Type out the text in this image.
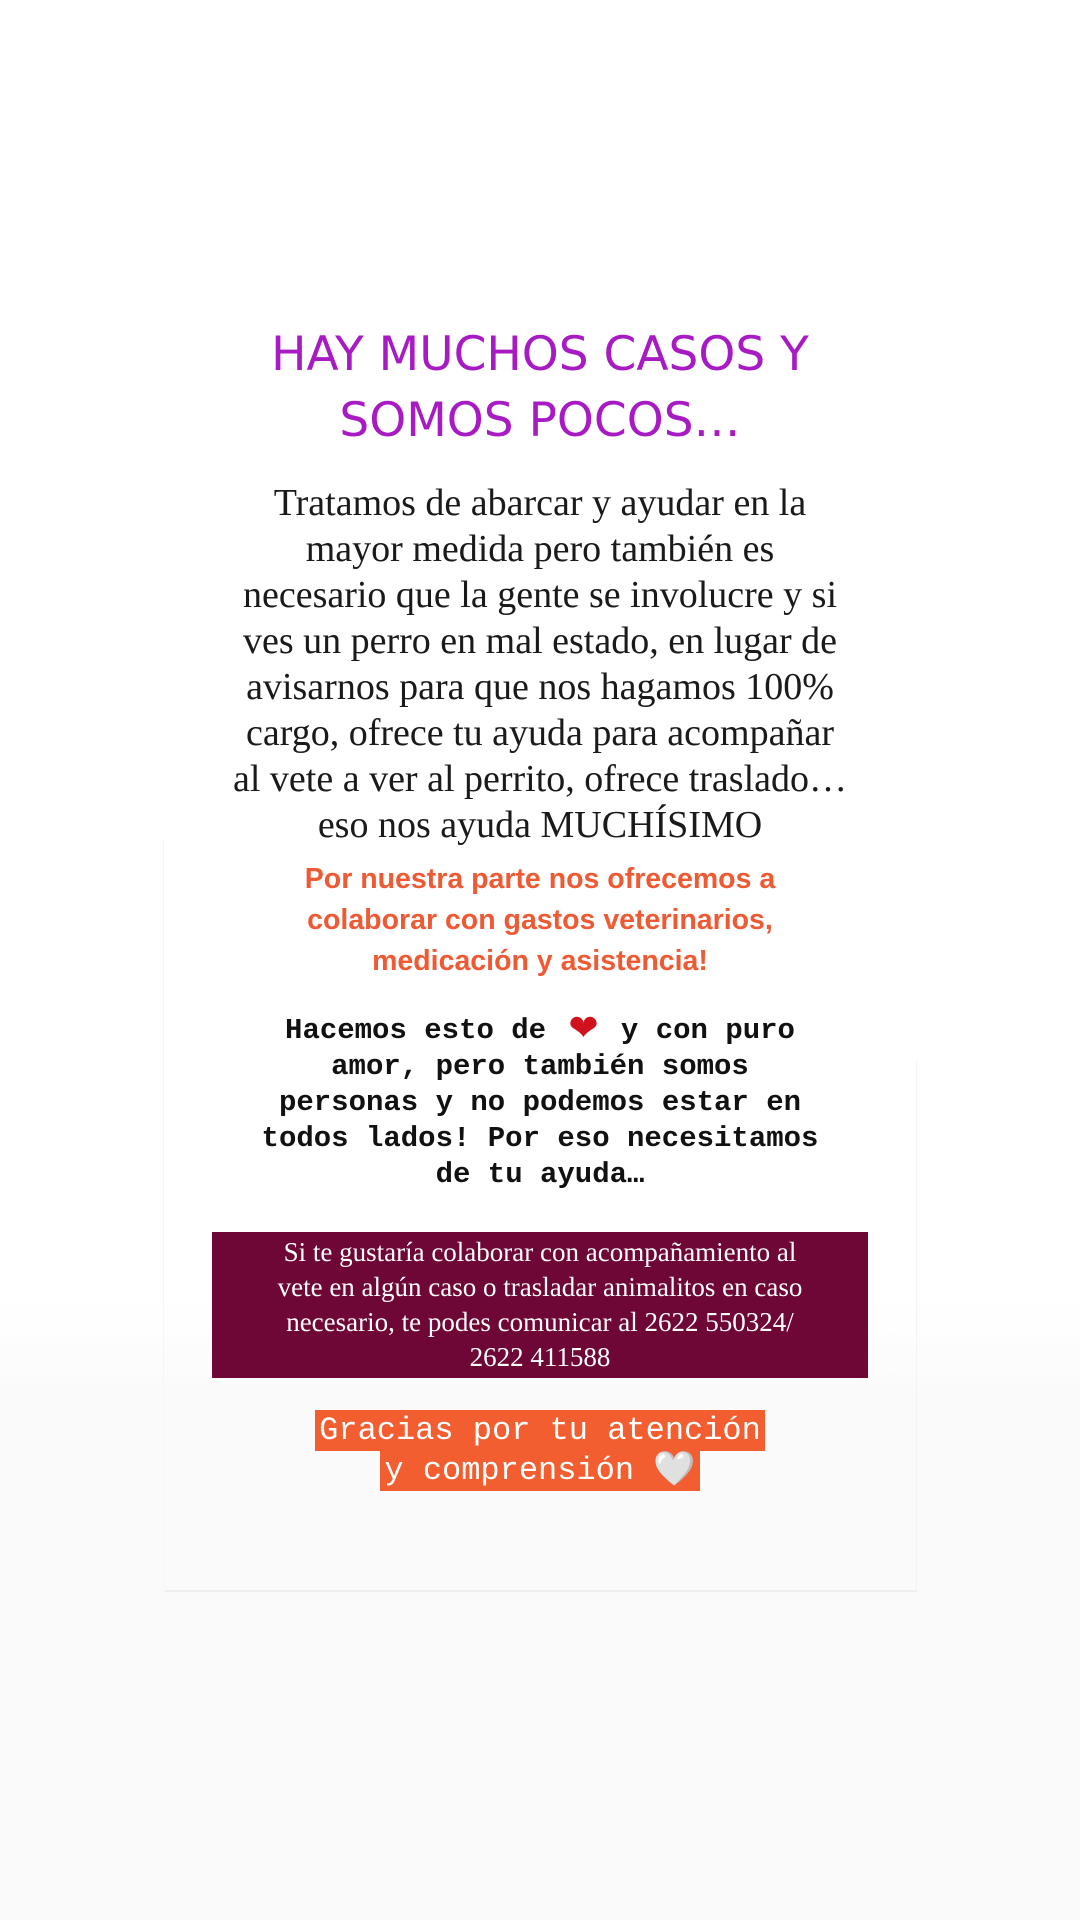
HAY MUCHOS CASOS Y
SOMOS POCOS…
Tratamos de abarcar y ayudar en la
mayor medida pero también es
necesario que la gente se involucre y si
ves un perro en mal estado, en lugar de
avisarnos para que nos hagamos 100%
cargo, ofrece tu ayuda para acompañar
al vete a ver al perrito, ofrece traslado…
eso nos ayuda MUCHÍSIMO
Por nuestra parte nos ofrecemos a
colaborar con gastos veterinarios,
medicación y asistencia!
Hacemos esto de ❤ y con puro
amor, pero también somos
personas y no podemos estar en
todos lados! Por eso necesitamos
de tu ayuda…
Si te gustaría colaborar con acompañamiento al
vete en algún caso o trasladar animalitos en caso
necesario, te podes comunicar al 2622 550324/
2622 411588
Gracias por tu atención
y comprensión 🤍
